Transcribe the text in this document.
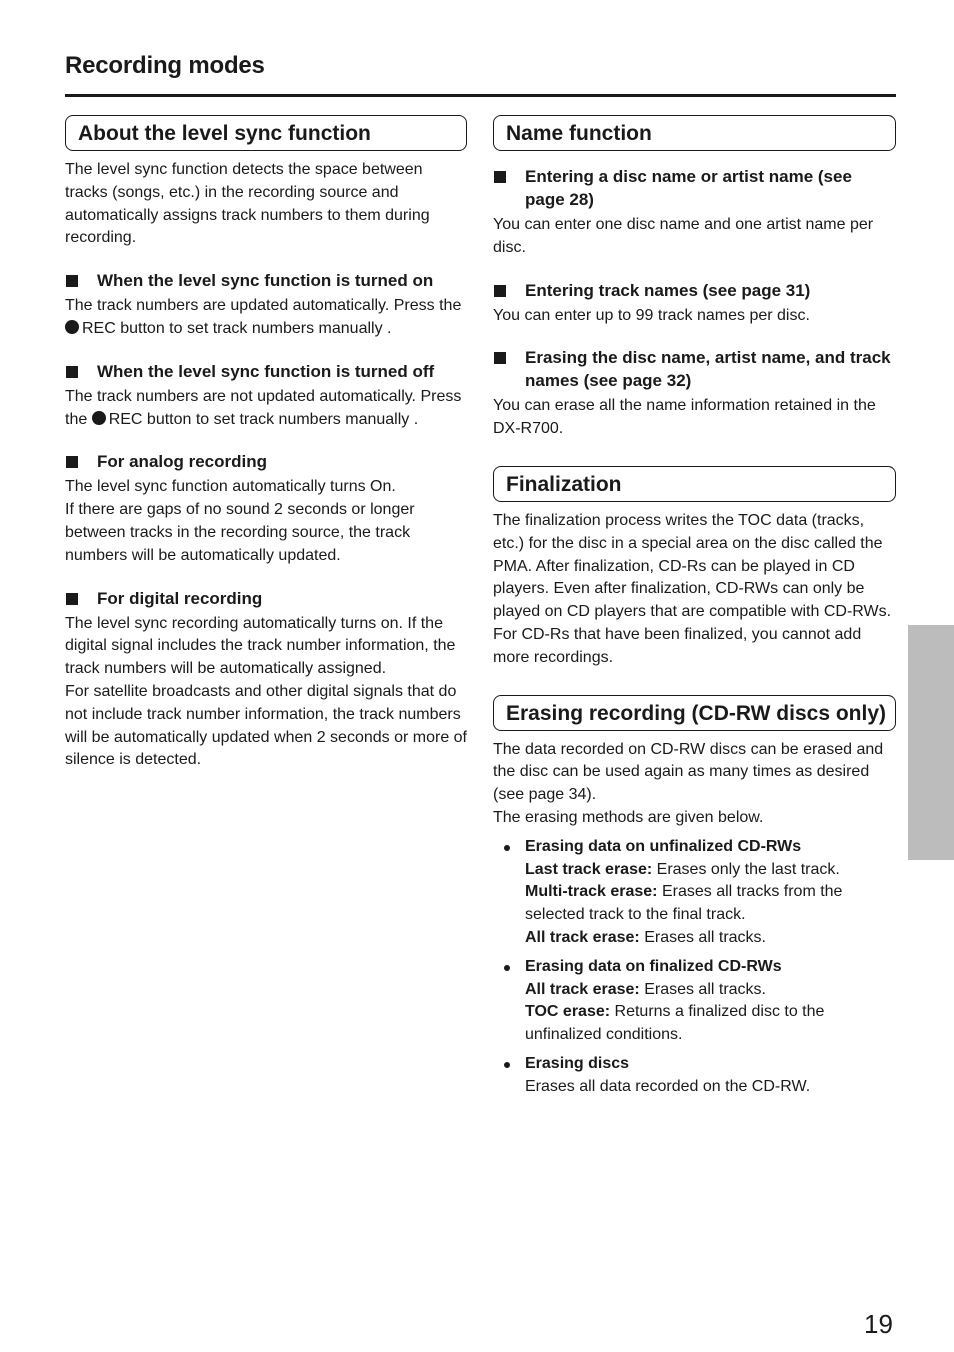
Recording modes
About the level sync function

The level sync function detects the space between tracks (songs, etc.) in the recording source and automatically assigns track numbers to them during recording.

When the level sync function is turned on

The track numbers are updated automatically. Press the REC button to set track numbers manually .

When the level sync function is turned off

The track numbers are not updated automatically. Press the REC button to set track numbers manually .

For analog recording

The level sync function automatically turns On.

If there are gaps of no sound 2 seconds or longer between tracks in the recording source, the track numbers will be automatically updated.

For digital recording

The level sync recording automatically turns on. If the digital signal includes the track number information, the track numbers will be automatically assigned.

For satellite broadcasts and other digital signals that do not include track number information, the track numbers will be automatically updated when 2 seconds or more of silence is detected.

Name function
Entering a disc name or artist name (see page 28)

You can enter one disc name and one artist name per disc.

Entering track names (see page 31)

You can enter up to 99 track names per disc.

Erasing the disc name, artist name, and track names (see page 32)

You can erase all the name information retained in the DX-R700.

Finalization

The finalization process writes the TOC data (tracks, etc.) for the disc in a special area on the disc called the PMA. After finalization, CD-Rs can be played in CD players. Even after finalization, CD-RWs can only be played on CD players that are compatible with CD-RWs.

For CD-Rs that have been finalized, you cannot add more recordings.

Erasing recording (CD-RW discs only)

The data recorded on CD-RW discs can be erased and the disc can be used again as many times as desired (see page 34).

The erasing methods are given below.

Erasing data on unfinalized CD-RWs

Last track erase: Erases only the last track.

Multi-track erase: Erases all tracks from the selected track to the final track.

All track erase: Erases all tracks.

Erasing data on finalized CD-RWs

All track erase: Erases all tracks.

TOC erase: Returns a finalized disc to the unfinalized conditions.

Erasing discs

Erases all data recorded on the CD-RW.

19
